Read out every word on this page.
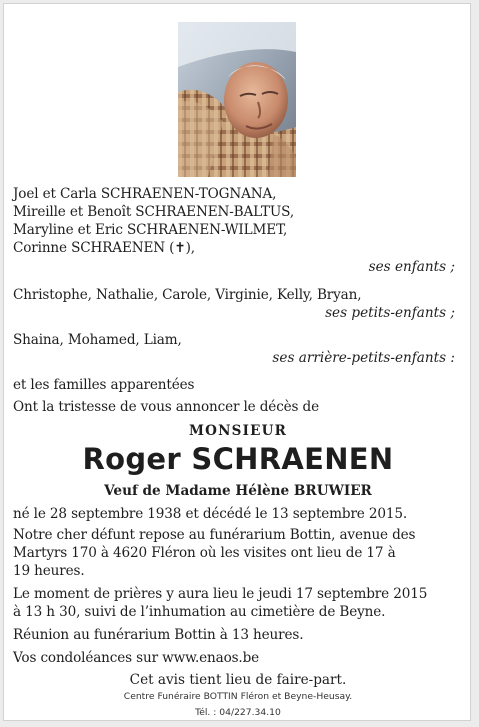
Joel et Carla SCHRAENEN-TOGNANA,
Mireille et Benoît SCHRAENEN-BALTUS,
Maryline et Eric SCHRAENEN-WILMET,
Corinne SCHRAENEN (✝),
ses enfants ;
Christophe, Nathalie, Carole, Virginie, Kelly, Bryan,
ses petits-enfants ;
Shaina, Mohamed, Liam,
ses arrière-petits-enfants :
et les familles apparentées
Ont la tristesse de vous annoncer le décès de
MONSIEUR
Roger SCHRAENEN
Veuf de Madame Hélène BRUWIER
né le 28 septembre 1938 et décédé le 13 septembre 2015.
Notre cher défunt repose au funérarium Bottin, avenue des
Martyrs 170 à 4620 Fléron où les visites ont lieu de 17 à
19 heures.
Le moment de prières y aura lieu le jeudi 17 septembre 2015
à 13 h 30, suivi de l’inhumation au cimetière de Beyne.
Réunion au funérarium Bottin à 13 heures.
Vos condoléances sur www.enaos.be
Cet avis tient lieu de faire-part.
Centre Funéraire BOTTIN Fléron et Beyne-Heusay.
Tél. : 04/227.34.10
